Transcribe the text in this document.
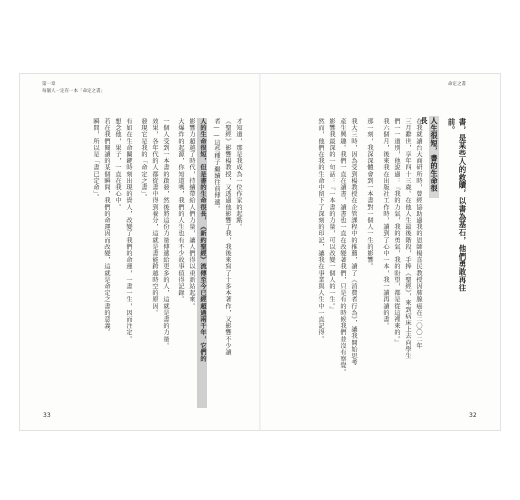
第一章
每個人一定有一本「命定之書」
命定之書
33	32
書，是某些人的救贖，以書為基石，他們勇敢再往
前。
人生很短，書的生命很長
在我就讀台大商研所時，曾經協助過我的恩師楊喜民教授因肺腺癌在二〇〇二年
三月辭世，享年四十三歲。在他人生最後階段，手捧《聖經》，來到病床上去向學生
們一一道別，他說過：『我的力氣，我的勇氣，我的盼望，都是從這裡來的。』
我六個月，後來我在出版社工作時，讀到了心中一本，我一讀再讀的書。
那一刻，我深深體會到一本書對一個人一生的影響。
我大三時，因為受到楊教授在企管課程中的推薦，讀了《消費者行為》，讓我開始思考
產生興趣。我們一直在讀書，讀書也一直在改變著我們，只是有的時候我們並沒有察覺。
影響我最深的一句話：『一本書的力量，可以改變一個人的一生。』
然而，他們在我的生命中留下了深刻的印記，讓我在事業與人生中一直記得。
才知道，那是我成為一位作家的起點。
《聖經》影響楊教授，又透過他影響了我，我後來寫了十多本著作，又影響不少讀
者——這些種子繼續往前傳遞。
人的生命很短，但是書的生命很長，《新約聖經》流傳至今已經超過兩千年，它們的
影響力超越了時代，持續帶給人們力量，讓人們得以重新站起來。
大爆炸的起源，你知道嗎，我們的人生也有不少故事值得記錄。
一個人受到一本書的啟發，然後將這份力量傳遞給更多的人，這就是書的力量。
效果，各年代的人都從書中得到養分，這就是書能跨越時空的原因。
發現它是我的「命定之書」。
有如在生命關鍵時刻出現的貴人，改變了我們的命運，一書一生，因而注定。
想念他，果子，一直在我心中。
若在我們閱讀的某個瞬間，我們的命運因而改變，這就是命定之書的意義。
瞬間，所以是「書已定命」。
